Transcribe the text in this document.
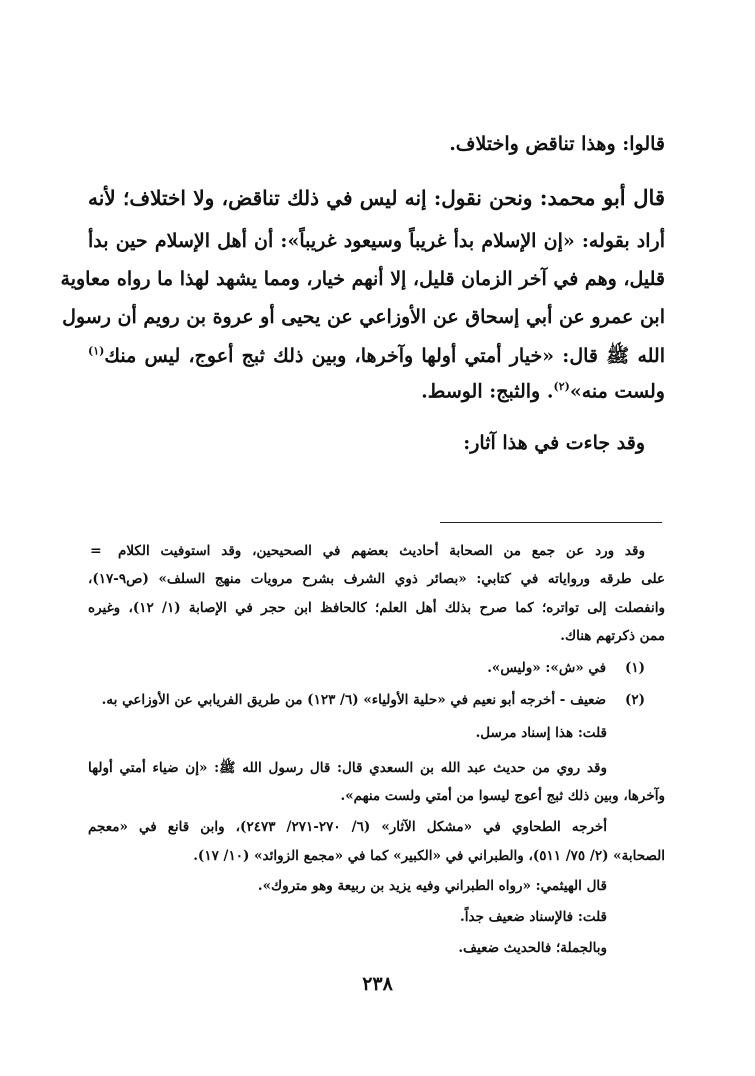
قالوا: وهذا تناقض واختلاف.
قال أبو محمد: ونحن نقول: إنه ليس في ذلك تناقض، ولا اختلاف؛ لأنه
أراد بقوله: «إن الإسلام بدأ غريباً وسيعود غريباً»: أن أهل الإسلام حين بدأ
قليل، وهم في آخر الزمان قليل، إلا أنهم خيار، ومما يشهد لهذا ما رواه معاوية
ابن عمرو عن أبي إسحاق عن الأوزاعي عن يحيى أو عروة بن رويم أن رسول
الله ﷺ قال: «خيار أمتي أولها وآخرها، وبين ذلك ثبج أعوج، ليس منك$^{(١)}$
ولست منه»$^{(٢)}$. والثبج: الوسط.
وقد جاءت في هذا آثار:
= وقد ورد عن جمع من الصحابة أحاديث بعضهم في الصحيحين، وقد استوفيت الكلام
على طرقه ورواياته في كتابي: «بصائر ذوي الشرف بشرح مرويات منهج السلف» (ص٩-١٧)،
وانفصلت إلى تواتره؛ كما صرح بذلك أهل العلم؛ كالحافظ ابن حجر في الإصابة (١/ ١٢)، وغيره
ممن ذكرتهم هناك.
(١)    في «ش»: «وليس».
(٢)    ضعيف - أخرجه أبو نعيم في «حلية الأولياء» (٦/ ١٢٣) من طريق الفريابي عن الأوزاعي به.
قلت: هذا إسناد مرسل.
وقد روي من حديث عبد الله بن السعدي قال: قال رسول الله ﷺ: «إن ضياء أمتي أولها
وآخرها، وبين ذلك ثبج أعوج ليسوا من أمتي ولست منهم».
أخرجه الطحاوي في «مشكل الآثار» (٦/ ٢٧٠-٢٧١/ ٢٤٧٣)، وابن قانع في «معجم
الصحابة» (٢/ ٧٥/ ٥١١)، والطبراني في «الكبير» كما في «مجمع الزوائد» (١٠/ ١٧).
قال الهيثمي: «رواه الطبراني وفيه يزيد بن ربيعة وهو متروك».
قلت: فالإسناد ضعيف جداً.
وبالجملة؛ فالحديث ضعيف.
٢٣٨
